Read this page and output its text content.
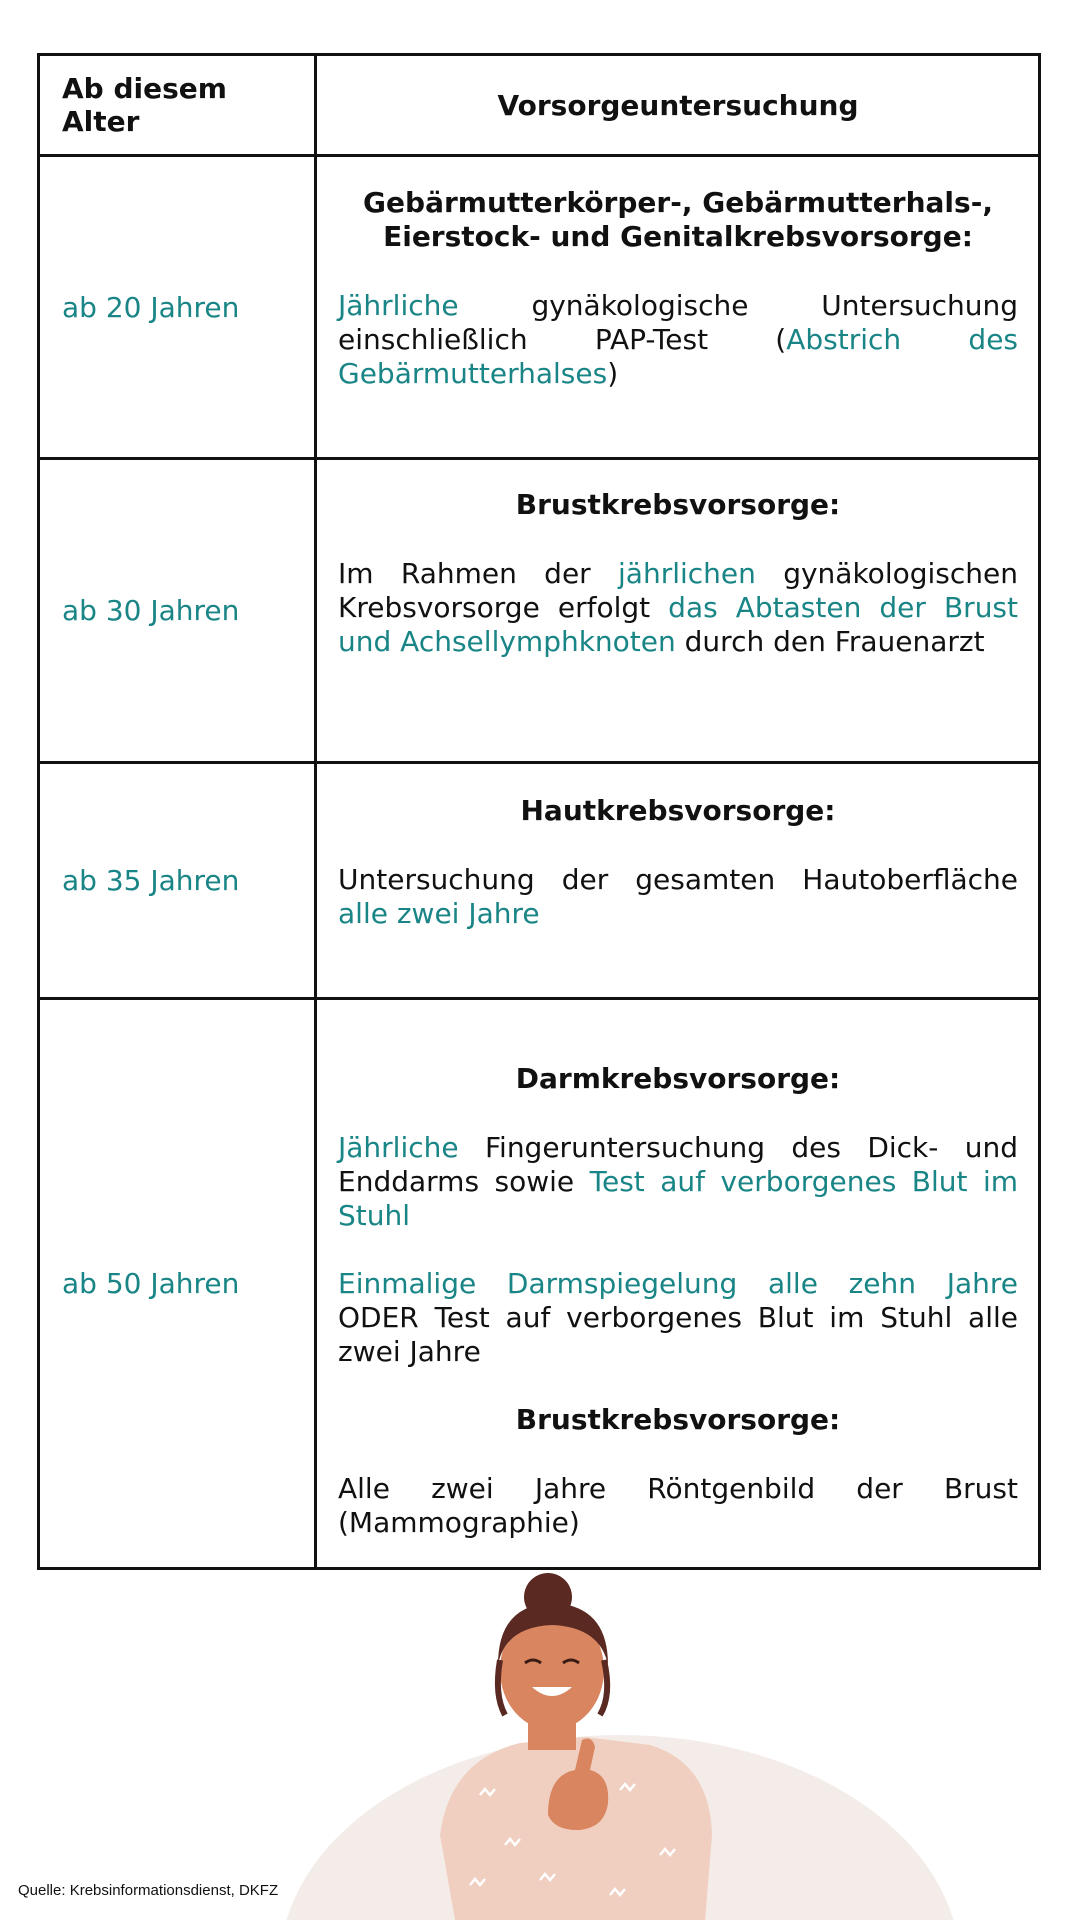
Ab diesem Alter	Vorsorgeuntersuchung
ab 20 Jahren

Gebärmutterkörper-, Gebärmutterhals-, Eierstock- und Genitalkrebsvorsorge:

Jährliche gynäkologische Untersuchung einschließlich PAP-Test (Abstrich des Gebärmutterhalses)

ab 30 Jahren

Brustkrebsvorsorge:

Im Rahmen der jährlichen gynäkologischen Krebsvorsorge erfolgt das Abtasten der Brust und Achsellymphknoten durch den Frauenarzt

ab 35 Jahren

Hautkrebsvorsorge:

Untersuchung der gesamten Hautoberfläche alle zwei Jahre

ab 50 Jahren

Darmkrebsvorsorge:

Jährliche Fingeruntersuchung des Dick- und Enddarms sowie Test auf verborgenes Blut im Stuhl

Einmalige Darmspiegelung alle zehn Jahre ODER Test auf verborgenes Blut im Stuhl alle zwei Jahre

Brustkrebsvorsorge:

Alle zwei Jahre Röntgenbild der Brust (Mammographie)

Quelle: Krebsinformationsdienst, DKFZ
